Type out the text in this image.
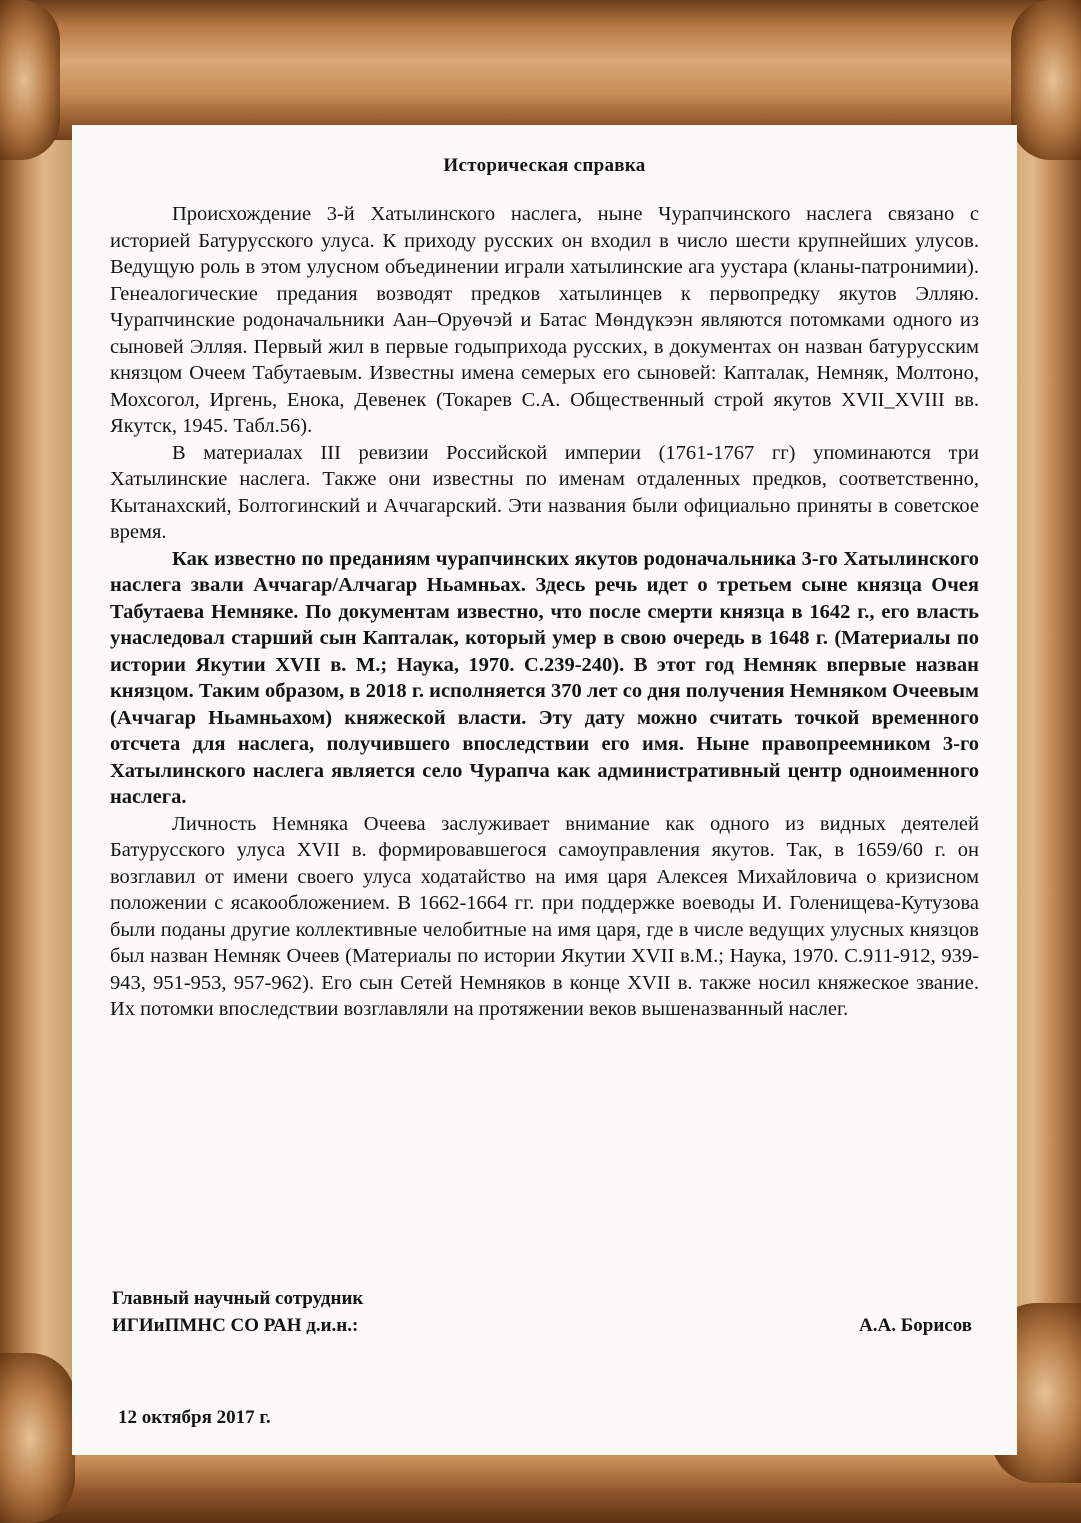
Историческая справка

Происхождение 3-й Хатылинского наслега, ныне Чурапчинского наслега связано с историей Батурусского улуса. К приходу русских он входил в число шести крупнейших улусов. Ведущую роль в этом улусном объединении играли хатылинские ага уустара (кланы-патронимии). Генеалогические предания возводят предков хатылинцев к первопредку якутов Элляю. Чурапчинские родоначальники Аан–Оруөчэй и Батас Мөндүкээн являются потомками одного из сыновей Элляя. Первый жил в первые годыприхода русских, в документах он назван батурусским князцом Очеем Табутаевым. Известны имена семерых его сыновей: Капталак, Немняк, Молтоно, Мохсогол, Иргень, Енока, Девенек (Токарев С.А. Общественный строй якутов XVII_XVIII вв. Якутск, 1945. Табл.56).

В материалах III ревизии Российской империи (1761-1767 гг) упоминаются три Хатылинские наслега. Также они известны по именам отдаленных предков, соответственно, Кытанахский, Болтогинский и Аччагарский. Эти названия были официально приняты в советское время.

Как известно по преданиям чурапчинских якутов родоначальника 3-го Хатылинского наслега звали Аччагар/Алчагар Ньамньах. Здесь речь идет о третьем сыне князца Очея Табутаева Немняке. По документам известно, что после смерти князца в 1642 г., его власть унаследовал старший сын Капталак, который умер в свою очередь в 1648 г. (Материалы по истории Якутии XVII в. М.; Наука, 1970. С.239-240). В этот год Немняк впервые назван князцом. Таким образом, в 2018 г. исполняется 370 лет со дня получения Немняком Очеевым (Аччагар Ньамньахом) княжеской власти. Эту дату можно считать точкой временного отсчета для наслега, получившего впоследствии его имя. Ныне правопреемником 3-го Хатылинского наслега является село Чурапча как административный центр одноименного наслега.

Личность Немняка Очеева заслуживает внимание как одного из видных деятелей Батурусского улуса XVII в. формировавшегося самоуправления якутов. Так, в 1659/60 г. он возглавил от имени своего улуса ходатайство на имя царя Алексея Михайловича о кризисном положении с ясакообложением. В 1662-1664 гг. при поддержке воеводы И. Голенищева-Кутузова были поданы другие коллективные челобитные на имя царя, где в числе ведущих улусных князцов был назван Немняк Очеев (Материалы по истории Якутии XVII в.М.; Наука, 1970. С.911-912, 939-943, 951-953, 957-962). Его сын Сетей Немняков в конце XVII в. также носил княжеское звание. Их потомки впоследствии возглавляли на протяжении веков вышеназванный наслег.

Главный научный сотрудник
ИГИиПМНС СО РАН д.и.н.:	А.А. Борисов
12 октября 2017 г.
